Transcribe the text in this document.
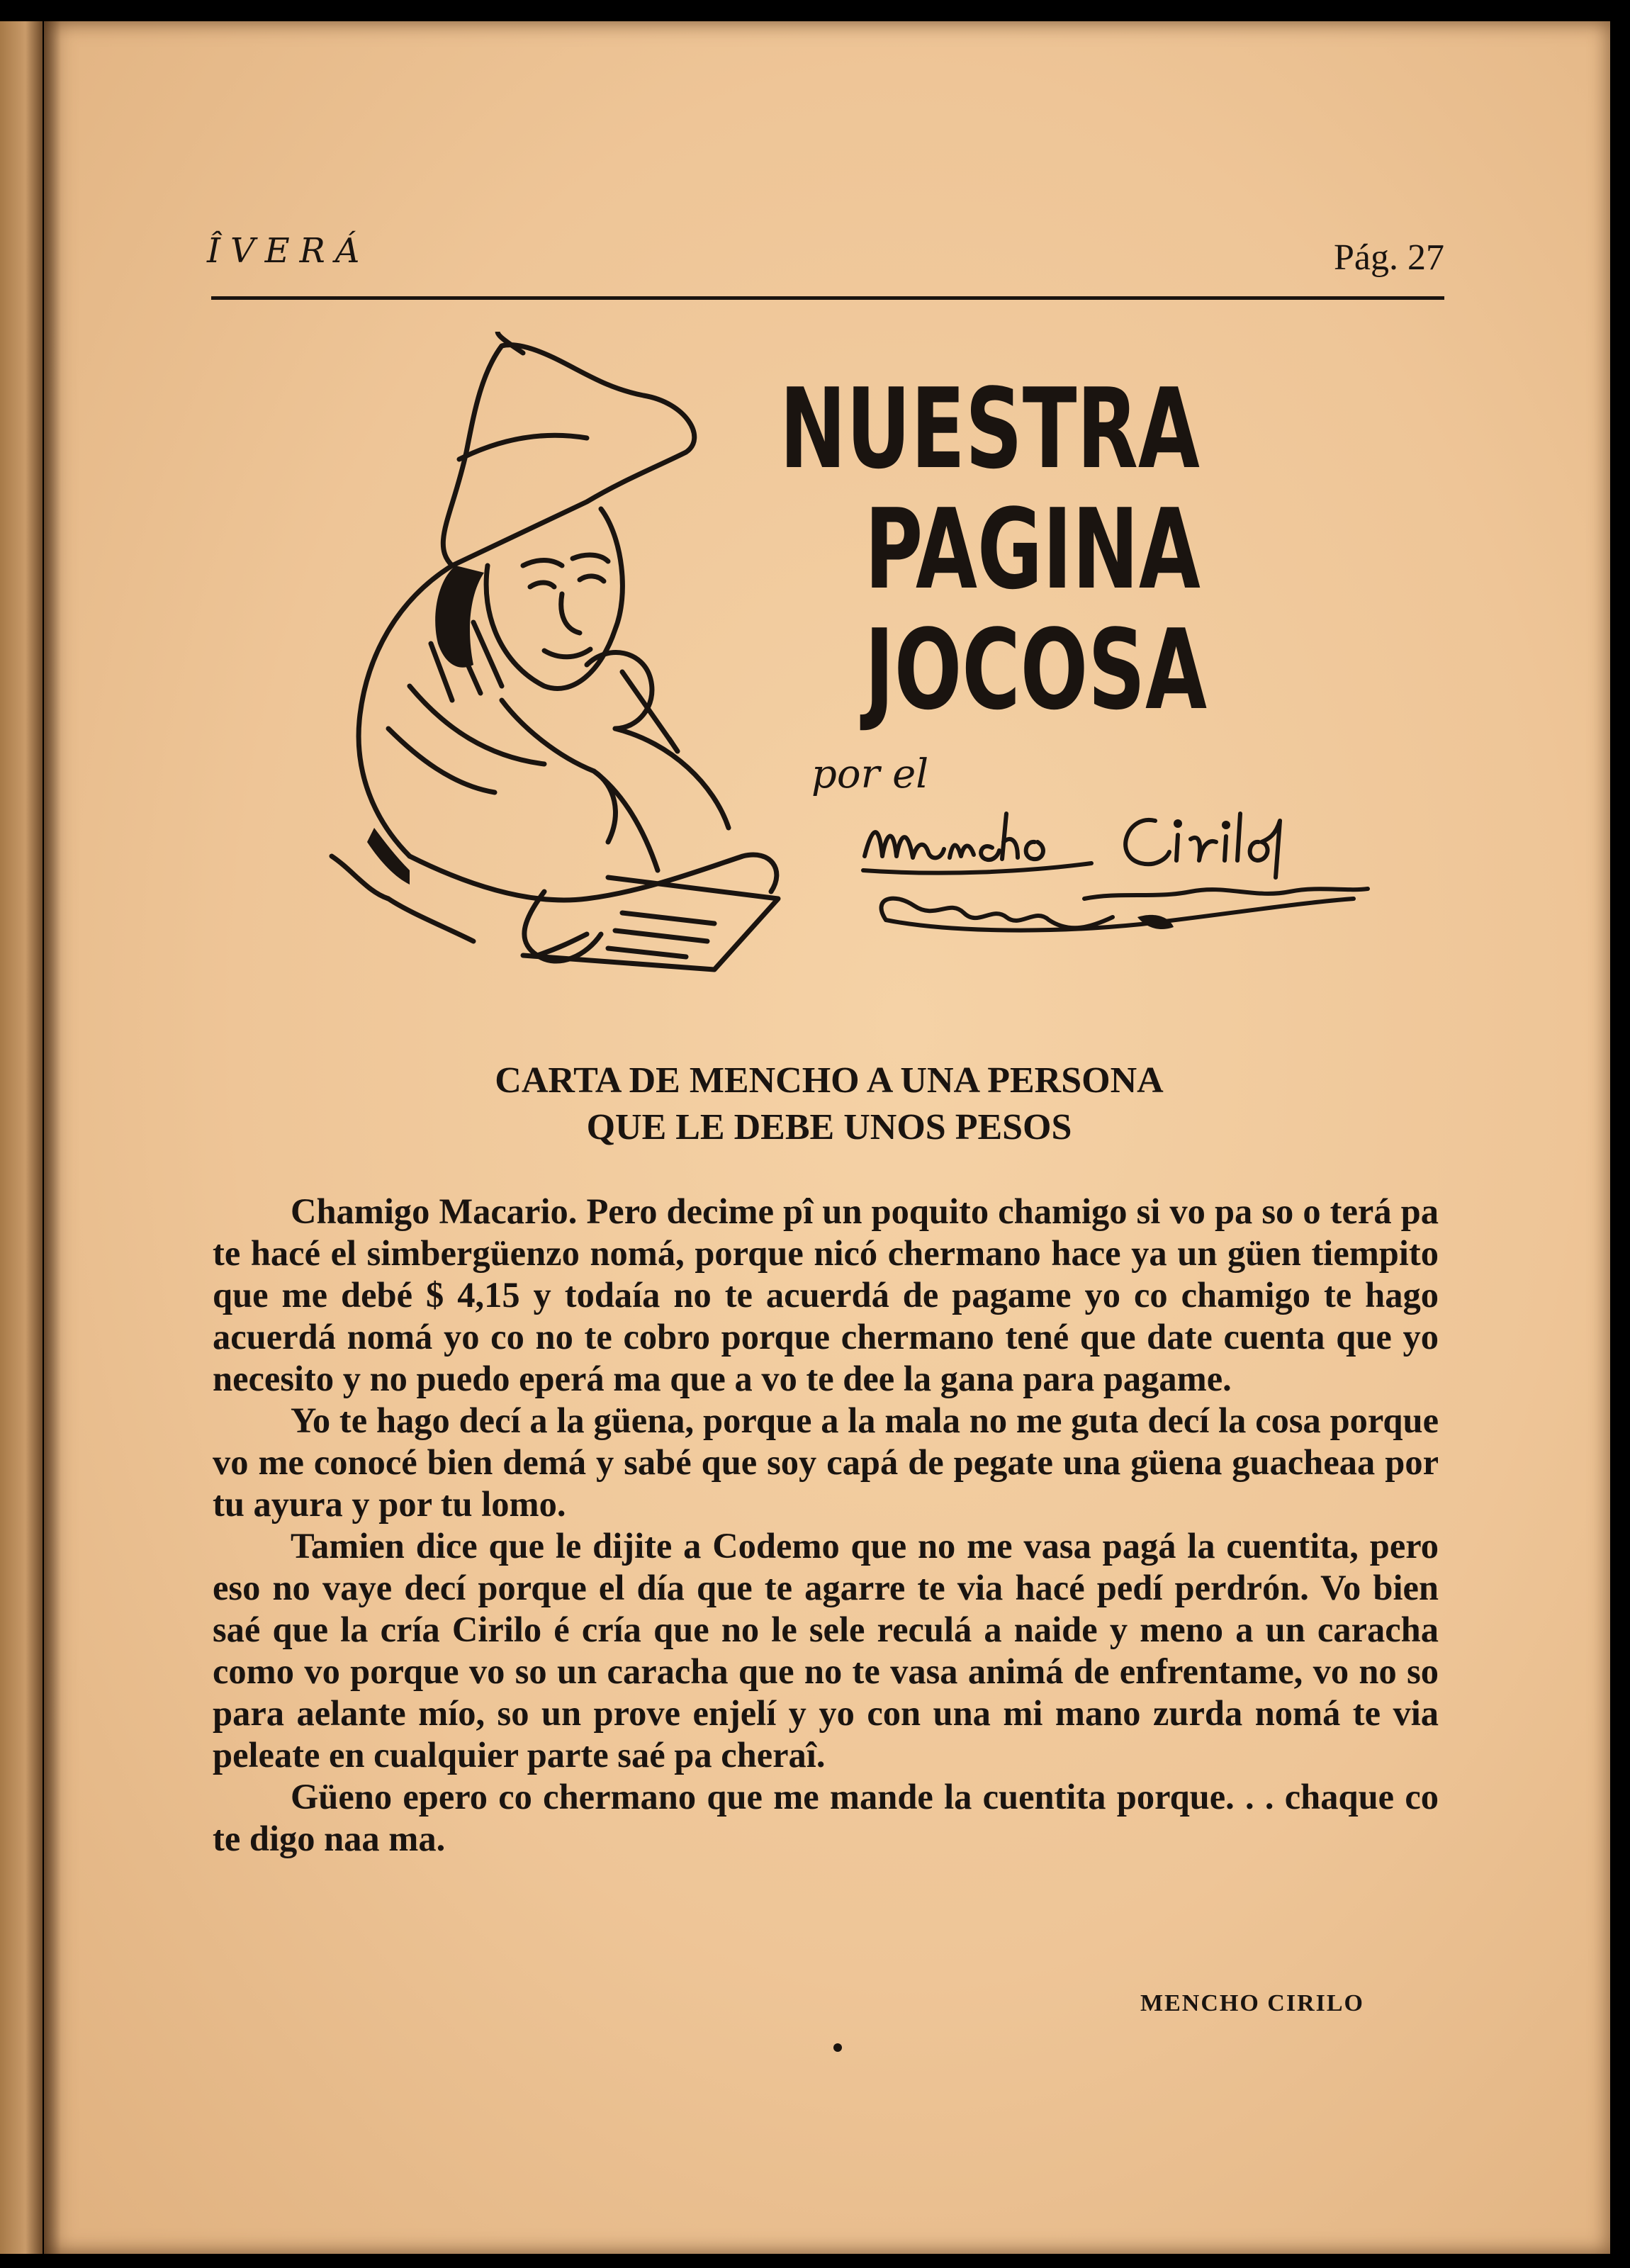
ÎVERÁ	Pág. 27
NUESTRA
PAGINA
JOCOSA
por el
CARTA DE MENCHO A UNA PERSONA
QUE LE DEBE UNOS PESOS

Chamigo Macario. Pero decime pî un poquito chamigo si vo pa so o terá pa te hacé el simbergüenzo nomá, porque nicó chermano hace ya un güen tiempito que me debé $ 4,15 y todaía no te acuerdá de pagame yo co chamigo te hago acuerdá nomá yo co no te cobro porque chermano tené que date cuenta que yo necesito y no puedo eperá ma que a vo te dee la gana para pagame.

Yo te hago decí a la güena, porque a la mala no me guta decí la cosa porque vo me conocé bien demá y sabé que soy capá de pegate una güena guacheaa por tu ayura y por tu lomo.

Tamien dice que le dijite a Codemo que no me vasa pagá la cuentita, pero eso no vaye decí porque el día que te agarre te via hacé pedí perdrón. Vo bien saé que la cría Cirilo é cría que no le sele reculá a naide y meno a un caracha como vo porque vo so un caracha que no te vasa animá de enfrentame, vo no so para aelante mío, so un prove enjelí y yo con una mi mano zurda nomá te via peleate en cualquier parte saé pa cheraî.

Güeno epero co chermano que me mande la cuentita porque. . . chaque co te digo naa ma.

MENCHO CIRILO
